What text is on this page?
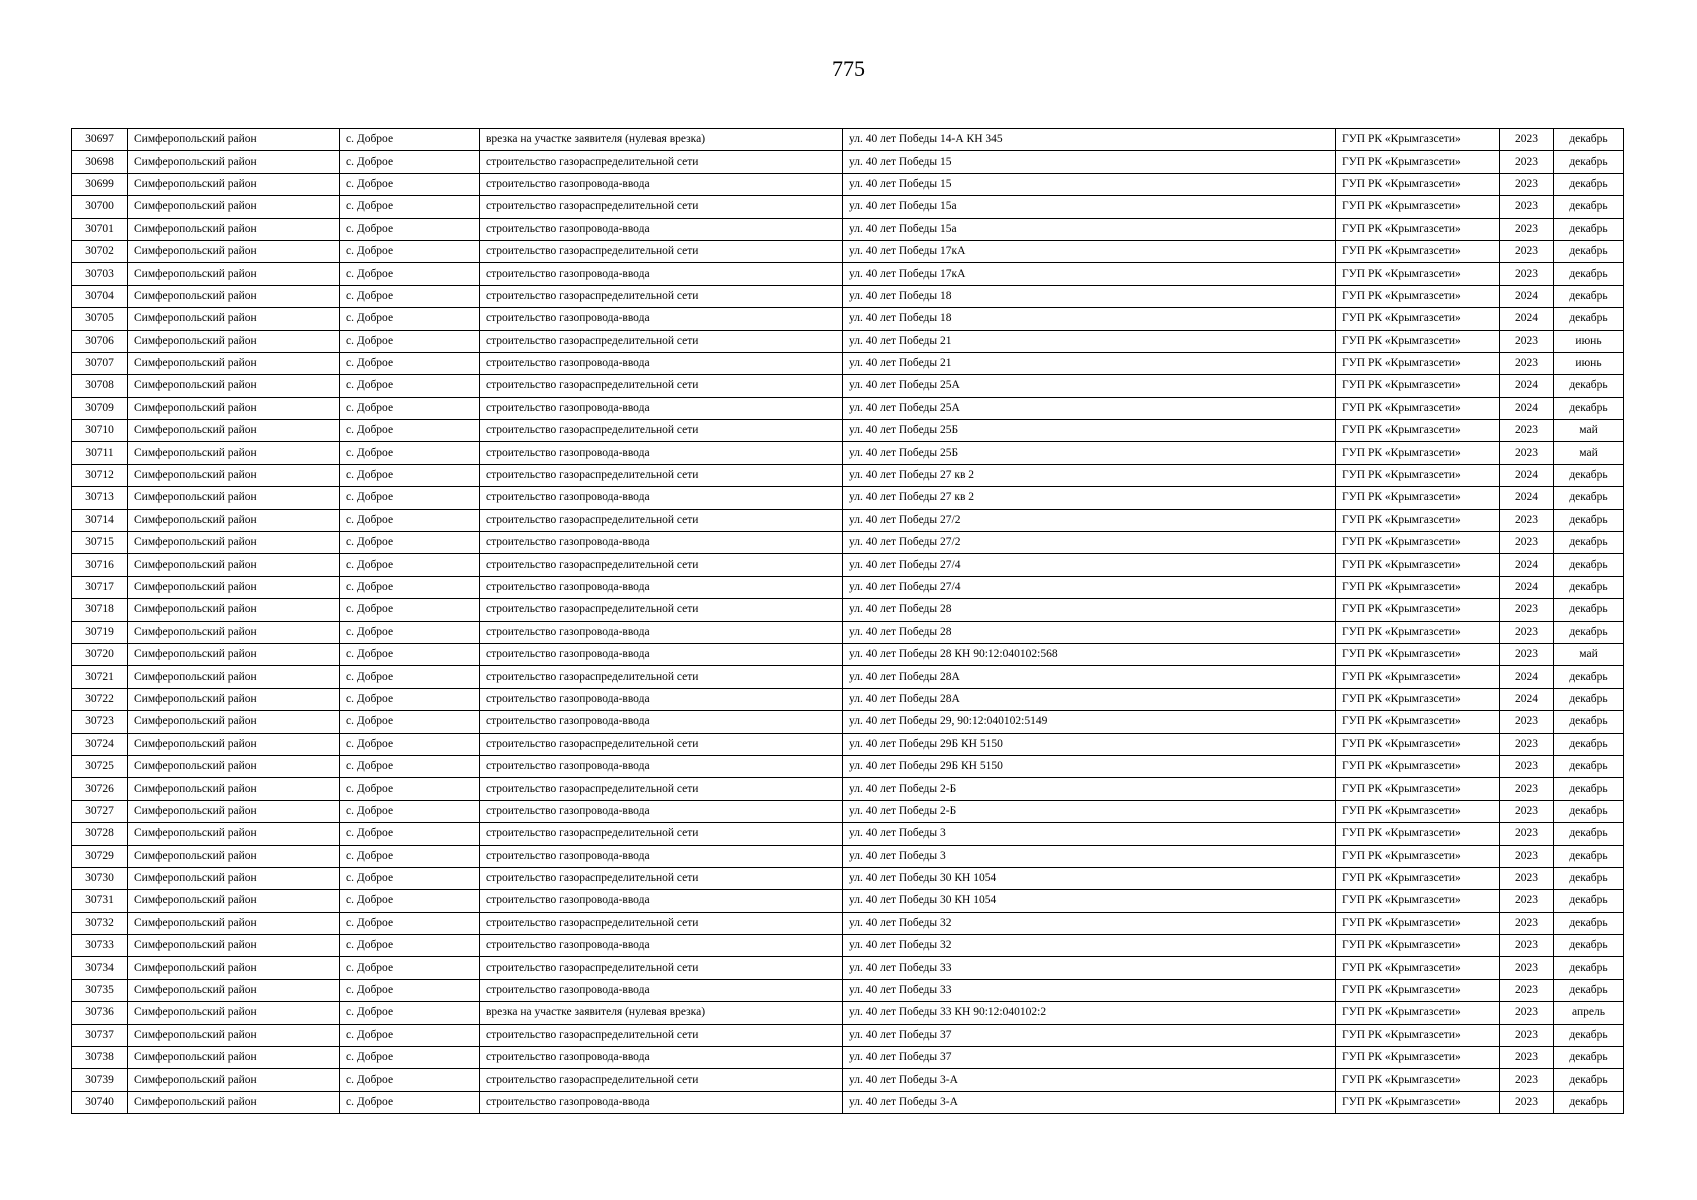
775
30697	Симферопольский район	с. Доброе	врезка на участке заявителя (нулевая врезка)	ул. 40 лет Победы 14-А КН 345	ГУП РК «Крымгазсети»	2023	декабрь
30698	Симферопольский район	с. Доброе	строительство газораспределительной сети	ул. 40 лет Победы 15	ГУП РК «Крымгазсети»	2023	декабрь
30699	Симферопольский район	с. Доброе	строительство газопровода-ввода	ул. 40 лет Победы 15	ГУП РК «Крымгазсети»	2023	декабрь
30700	Симферопольский район	с. Доброе	строительство газораспределительной сети	ул. 40 лет Победы 15а	ГУП РК «Крымгазсети»	2023	декабрь
30701	Симферопольский район	с. Доброе	строительство газопровода-ввода	ул. 40 лет Победы 15а	ГУП РК «Крымгазсети»	2023	декабрь
30702	Симферопольский район	с. Доброе	строительство газораспределительной сети	ул. 40 лет Победы 17кА	ГУП РК «Крымгазсети»	2023	декабрь
30703	Симферопольский район	с. Доброе	строительство газопровода-ввода	ул. 40 лет Победы 17кА	ГУП РК «Крымгазсети»	2023	декабрь
30704	Симферопольский район	с. Доброе	строительство газораспределительной сети	ул. 40 лет Победы 18	ГУП РК «Крымгазсети»	2024	декабрь
30705	Симферопольский район	с. Доброе	строительство газопровода-ввода	ул. 40 лет Победы 18	ГУП РК «Крымгазсети»	2024	декабрь
30706	Симферопольский район	с. Доброе	строительство газораспределительной сети	ул. 40 лет Победы 21	ГУП РК «Крымгазсети»	2023	июнь
30707	Симферопольский район	с. Доброе	строительство газопровода-ввода	ул. 40 лет Победы 21	ГУП РК «Крымгазсети»	2023	июнь
30708	Симферопольский район	с. Доброе	строительство газораспределительной сети	ул. 40 лет Победы 25А	ГУП РК «Крымгазсети»	2024	декабрь
30709	Симферопольский район	с. Доброе	строительство газопровода-ввода	ул. 40 лет Победы 25А	ГУП РК «Крымгазсети»	2024	декабрь
30710	Симферопольский район	с. Доброе	строительство газораспределительной сети	ул. 40 лет Победы 25Б	ГУП РК «Крымгазсети»	2023	май
30711	Симферопольский район	с. Доброе	строительство газопровода-ввода	ул. 40 лет Победы 25Б	ГУП РК «Крымгазсети»	2023	май
30712	Симферопольский район	с. Доброе	строительство газораспределительной сети	ул. 40 лет Победы 27 кв 2	ГУП РК «Крымгазсети»	2024	декабрь
30713	Симферопольский район	с. Доброе	строительство газопровода-ввода	ул. 40 лет Победы 27 кв 2	ГУП РК «Крымгазсети»	2024	декабрь
30714	Симферопольский район	с. Доброе	строительство газораспределительной сети	ул. 40 лет Победы 27/2	ГУП РК «Крымгазсети»	2023	декабрь
30715	Симферопольский район	с. Доброе	строительство газопровода-ввода	ул. 40 лет Победы 27/2	ГУП РК «Крымгазсети»	2023	декабрь
30716	Симферопольский район	с. Доброе	строительство газораспределительной сети	ул. 40 лет Победы 27/4	ГУП РК «Крымгазсети»	2024	декабрь
30717	Симферопольский район	с. Доброе	строительство газопровода-ввода	ул. 40 лет Победы 27/4	ГУП РК «Крымгазсети»	2024	декабрь
30718	Симферопольский район	с. Доброе	строительство газораспределительной сети	ул. 40 лет Победы 28	ГУП РК «Крымгазсети»	2023	декабрь
30719	Симферопольский район	с. Доброе	строительство газопровода-ввода	ул. 40 лет Победы 28	ГУП РК «Крымгазсети»	2023	декабрь
30720	Симферопольский район	с. Доброе	строительство газопровода-ввода	ул. 40 лет Победы 28 КН 90:12:040102:568	ГУП РК «Крымгазсети»	2023	май
30721	Симферопольский район	с. Доброе	строительство газораспределительной сети	ул. 40 лет Победы 28А	ГУП РК «Крымгазсети»	2024	декабрь
30722	Симферопольский район	с. Доброе	строительство газопровода-ввода	ул. 40 лет Победы 28А	ГУП РК «Крымгазсети»	2024	декабрь
30723	Симферопольский район	с. Доброе	строительство газопровода-ввода	ул. 40 лет Победы 29, 90:12:040102:5149	ГУП РК «Крымгазсети»	2023	декабрь
30724	Симферопольский район	с. Доброе	строительство газораспределительной сети	ул. 40 лет Победы 29Б КН 5150	ГУП РК «Крымгазсети»	2023	декабрь
30725	Симферопольский район	с. Доброе	строительство газопровода-ввода	ул. 40 лет Победы 29Б КН 5150	ГУП РК «Крымгазсети»	2023	декабрь
30726	Симферопольский район	с. Доброе	строительство газораспределительной сети	ул. 40 лет Победы 2-Б	ГУП РК «Крымгазсети»	2023	декабрь
30727	Симферопольский район	с. Доброе	строительство газопровода-ввода	ул. 40 лет Победы 2-Б	ГУП РК «Крымгазсети»	2023	декабрь
30728	Симферопольский район	с. Доброе	строительство газораспределительной сети	ул. 40 лет Победы 3	ГУП РК «Крымгазсети»	2023	декабрь
30729	Симферопольский район	с. Доброе	строительство газопровода-ввода	ул. 40 лет Победы 3	ГУП РК «Крымгазсети»	2023	декабрь
30730	Симферопольский район	с. Доброе	строительство газораспределительной сети	ул. 40 лет Победы 30 КН 1054	ГУП РК «Крымгазсети»	2023	декабрь
30731	Симферопольский район	с. Доброе	строительство газопровода-ввода	ул. 40 лет Победы 30 КН 1054	ГУП РК «Крымгазсети»	2023	декабрь
30732	Симферопольский район	с. Доброе	строительство газораспределительной сети	ул. 40 лет Победы 32	ГУП РК «Крымгазсети»	2023	декабрь
30733	Симферопольский район	с. Доброе	строительство газопровода-ввода	ул. 40 лет Победы 32	ГУП РК «Крымгазсети»	2023	декабрь
30734	Симферопольский район	с. Доброе	строительство газораспределительной сети	ул. 40 лет Победы 33	ГУП РК «Крымгазсети»	2023	декабрь
30735	Симферопольский район	с. Доброе	строительство газопровода-ввода	ул. 40 лет Победы 33	ГУП РК «Крымгазсети»	2023	декабрь
30736	Симферопольский район	с. Доброе	врезка на участке заявителя (нулевая врезка)	ул. 40 лет Победы 33 КН 90:12:040102:2	ГУП РК «Крымгазсети»	2023	апрель
30737	Симферопольский район	с. Доброе	строительство газораспределительной сети	ул. 40 лет Победы 37	ГУП РК «Крымгазсети»	2023	декабрь
30738	Симферопольский район	с. Доброе	строительство газопровода-ввода	ул. 40 лет Победы 37	ГУП РК «Крымгазсети»	2023	декабрь
30739	Симферопольский район	с. Доброе	строительство газораспределительной сети	ул. 40 лет Победы 3-А	ГУП РК «Крымгазсети»	2023	декабрь
30740	Симферопольский район	с. Доброе	строительство газопровода-ввода	ул. 40 лет Победы 3-А	ГУП РК «Крымгазсети»	2023	декабрь
